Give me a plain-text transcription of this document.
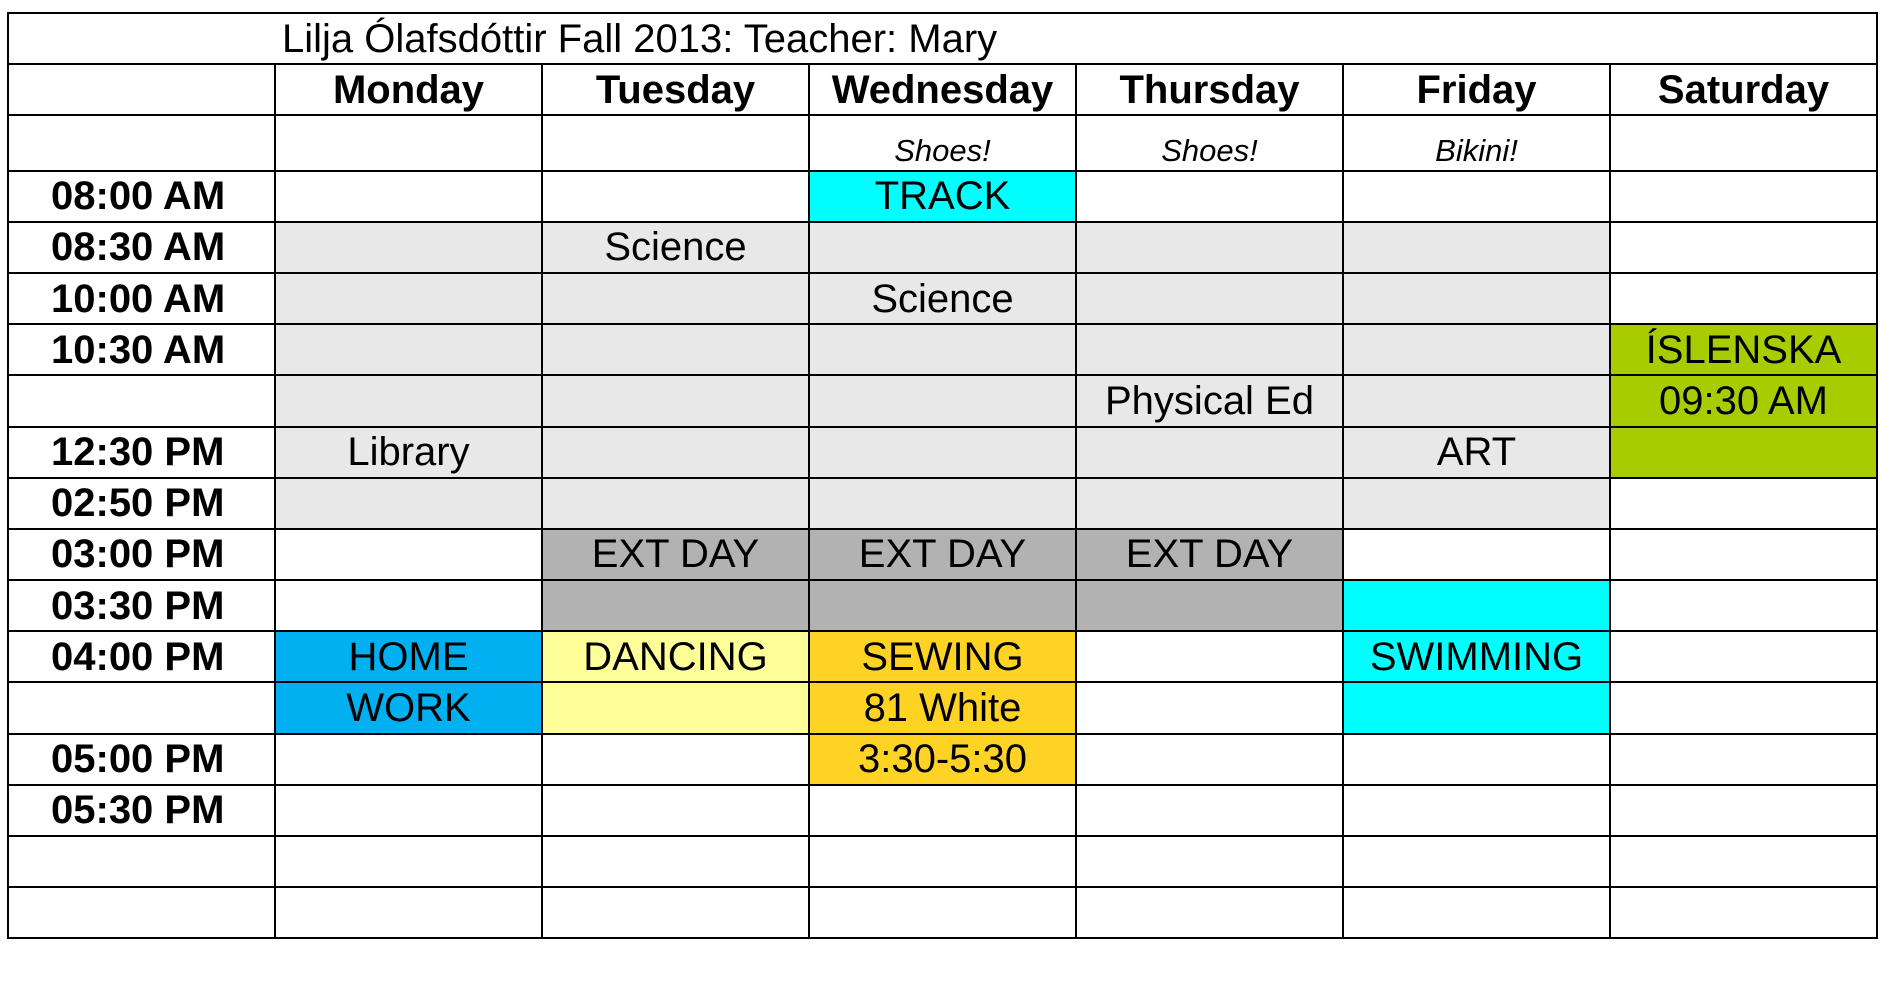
Lilja Ólafsdóttir Fall 2013: Teacher: Mary						
	Monday	Tuesday	Wednesday	Thursday	Friday	Saturday
			Shoes!	Shoes!	Bikini!	
08:00 AM			TRACK			
08:30 AM		Science				
10:00 AM			Science			
10:30 AM						ÍSLENSKA
				Physical Ed		09:30 AM
12:30 PM	Library				ART	
02:50 PM						
03:00 PM		EXT DAY	EXT DAY	EXT DAY		
03:30 PM						
04:00 PM	HOME	DANCING	SEWING		SWIMMING	
	WORK		81 White			
05:00 PM			3:30-5:30			
05:30 PM						
